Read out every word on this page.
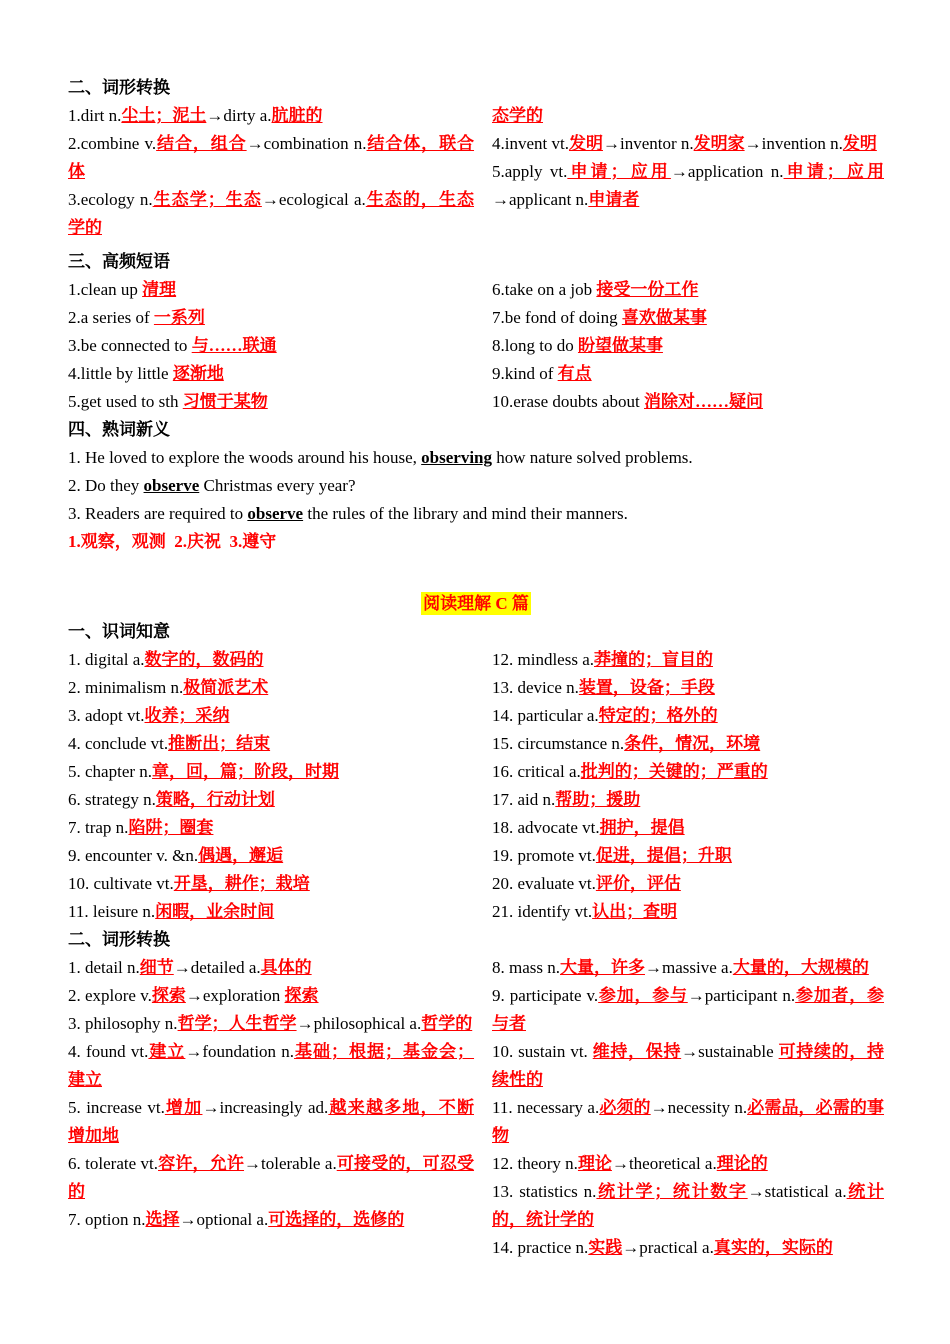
二、词形转换
1.dirt n.尘土；泥土→dirty a.肮脏的
2.combine v.结合，组合→combination n.结合体，联合体
3.ecology n.生态学；生态→ecological a.生态的，生态学的
态学的
4.invent vt.发明→inventor n.发明家→invention n.发明
5.apply vt.申请；应用→application n.申请；应用→applicant n.申请者
三、高频短语
1.clean up 清理
2.a series of 一系列
3.be connected to 与……联通
4.little by little 逐渐地
5.get used to sth 习惯于某物
6.take on a job 接受一份工作
7.be fond of doing 喜欢做某事
8.long to do 盼望做某事
9.kind of 有点
10.erase doubts about 消除对……疑问
四、熟词新义
1. He loved to explore the woods around his house, observing how nature solved problems.
2. Do they observe Christmas every year?
3. Readers are required to observe the rules of the library and mind their manners.
1.观察，观测  2.庆祝  3.遵守
阅读理解 C 篇
一、识词知意
1. digital a.数字的，数码的
2. minimalism n.极简派艺术
3. adopt vt.收养；采纳
4. conclude vt.推断出；结束
5. chapter n.章，回，篇；阶段，时期
6. strategy n.策略，行动计划
7. trap n.陷阱；圈套
9. encounter v. &n.偶遇，邂逅
10. cultivate vt.开垦，耕作；栽培
11. leisure n.闲暇，业余时间
12. mindless a.莽撞的；盲目的
13. device n.装置，设备；手段
14. particular a.特定的；格外的
15. circumstance n.条件，情况，环境
16. critical a.批判的；关键的；严重的
17. aid n.帮助；援助
18. advocate vt.拥护，提倡
19. promote vt.促进，提倡；升职
20. evaluate vt.评价，评估
21. identify vt.认出；查明
二、词形转换
1. detail n.细节→detailed a.具体的
2. explore v.探索→exploration 探索
3. philosophy n.哲学；人生哲学→philosophical a.哲学的
4. found vt.建立→foundation n.基础；根据；基金会；建立
5. increase vt.增加→increasingly ad.越来越多地，不断增加地
6. tolerate vt.容许，允许→tolerable a.可接受的，可忍受的
7. option n.选择→optional a.可选择的，选修的
8. mass n.大量，许多→massive a.大量的，大规模的
9. participate v.参加，参与→participant n.参加者，参与者
10. sustain vt. 维持，保持→sustainable 可持续的，持续性的
11. necessary a.必须的→necessity n.必需品，必需的事物
12. theory n.理论→theoretical a.理论的
13. statistics n.统计学；统计数字→statistical a.统计的，统计学的
14. practice n.实践→practical a.真实的，实际的
